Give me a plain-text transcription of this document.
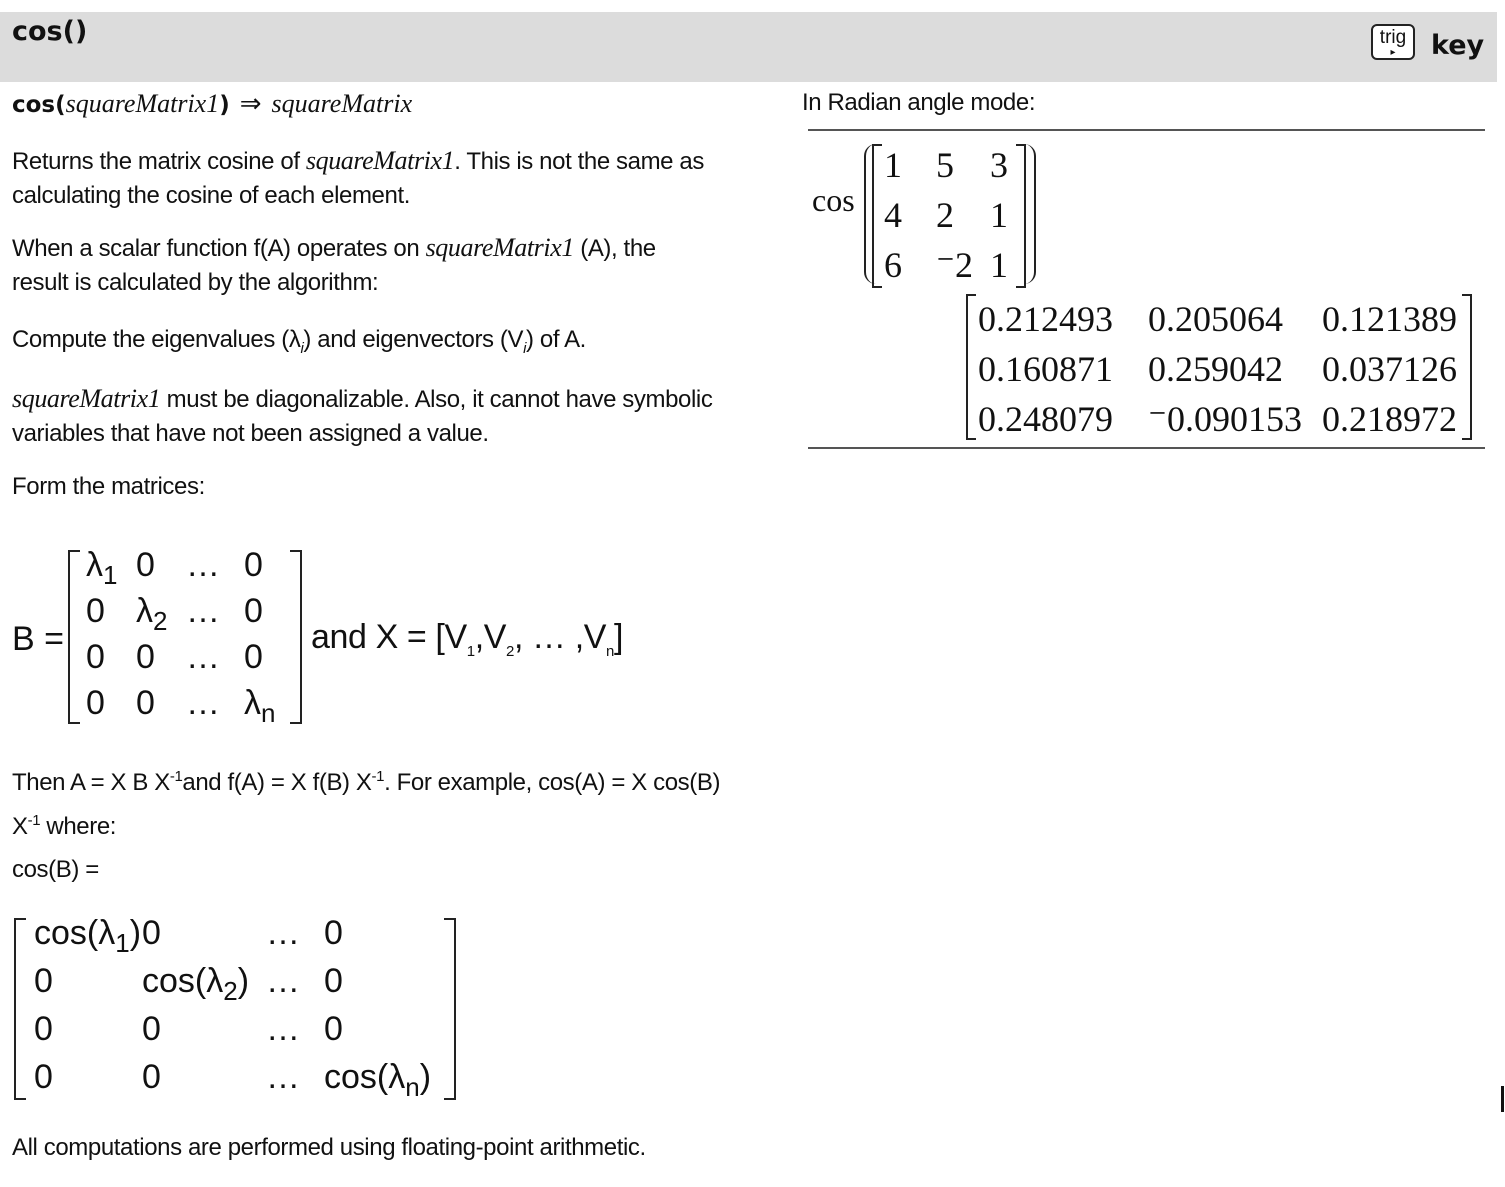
cos()	trig
▸	key
cos(squareMatrix1) ⇒ squareMatrix
Returns the matrix cosine of squareMatrix1. This is not the same as
calculating the cosine of each element.
When a scalar function f(A) operates on squareMatrix1 (A), the
result is calculated by the algorithm:
Compute the eigenvalues $(\lambda_i)$ and eigenvectors $(V_i)$ of A.
squareMatrix1 must be diagonalizable. Also, it cannot have symbolic
variables that have not been assigned a value.
Form the matrices:
B =
$\lambda_1$ 0 … 0
0 $\lambda_2$ … 0
0 0 … 0
0 0 … $\lambda_n$
and $X = [V_1,V_2$, … $,V_n$]
Then A = X B $X^{-1}and$ f(A) = X f(B) $X^{-1}$. For example, cos(A) = X cos(B)
$X^{-1}$ where:
cos(B) =
$\cos(\lambda_1)$ 0	… 0
0	$\cos(\lambda_2)$ … 0
0	0	… 0
0	0	… $\cos(\lambda_n)$
All computations are performed using floating-point arithmetic.
In Radian angle mode:
cos
1 5 3
4 2 1
6 ⁻2 1
0.212493 0.205064 0.121389
0.160871 0.259042 0.037126
0.248079 ⁻0.090153 0.218972
